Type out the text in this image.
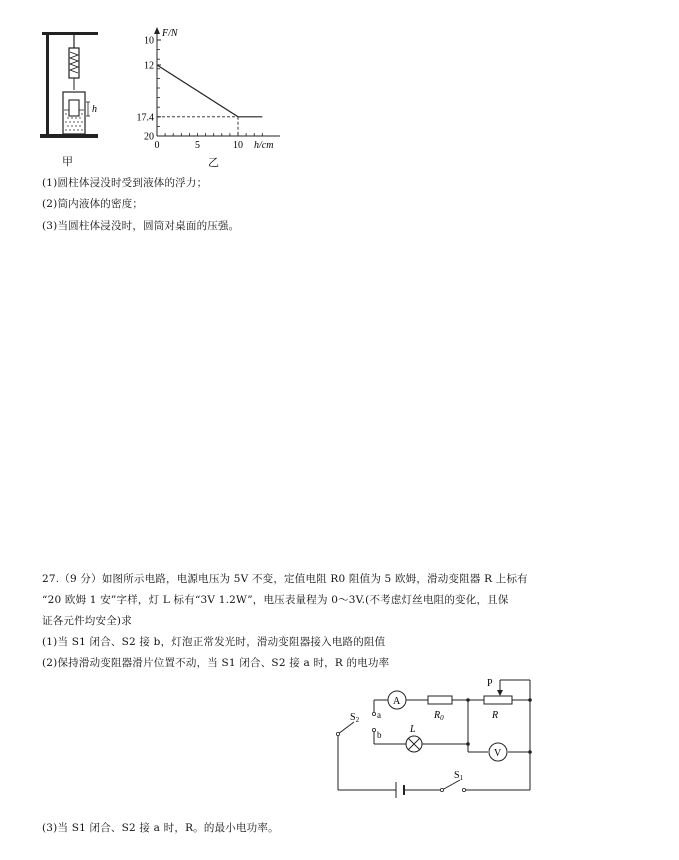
h
甲
F/N
h/cm
20
17.4
12
10
0	5	10
乙
(1)圆柱体浸没时受到液体的浮力；
(2)筒内液体的密度；
(3)当圆柱体浸没时，圆筒对桌面的压强。
27.（9 分）如图所示电路，电源电压为 5V 不变，定值电阻 R0 阻值为 5 欧姆，滑动变阻器 R 上标有
“20 欧姆 1 安”字样，灯 L 标有“3V 1.2W”，电压表量程为 0～3V.(不考虑灯丝电阻的变化，且保
证各元件均安全)求
(1)当 S1 闭合、S2 接 b，灯泡正常发光时，滑动变阻器接入电路的阻值
(2)保持滑动变阻器滑片位置不动，当 S1 闭合、S2 接 a 时，R 的电功率
A
$R_0$	R
P
L
V
$S_2$ a
b
$S_1$
(3)当 S1 闭合、S2 接 a 时，R。的最小电功率。
